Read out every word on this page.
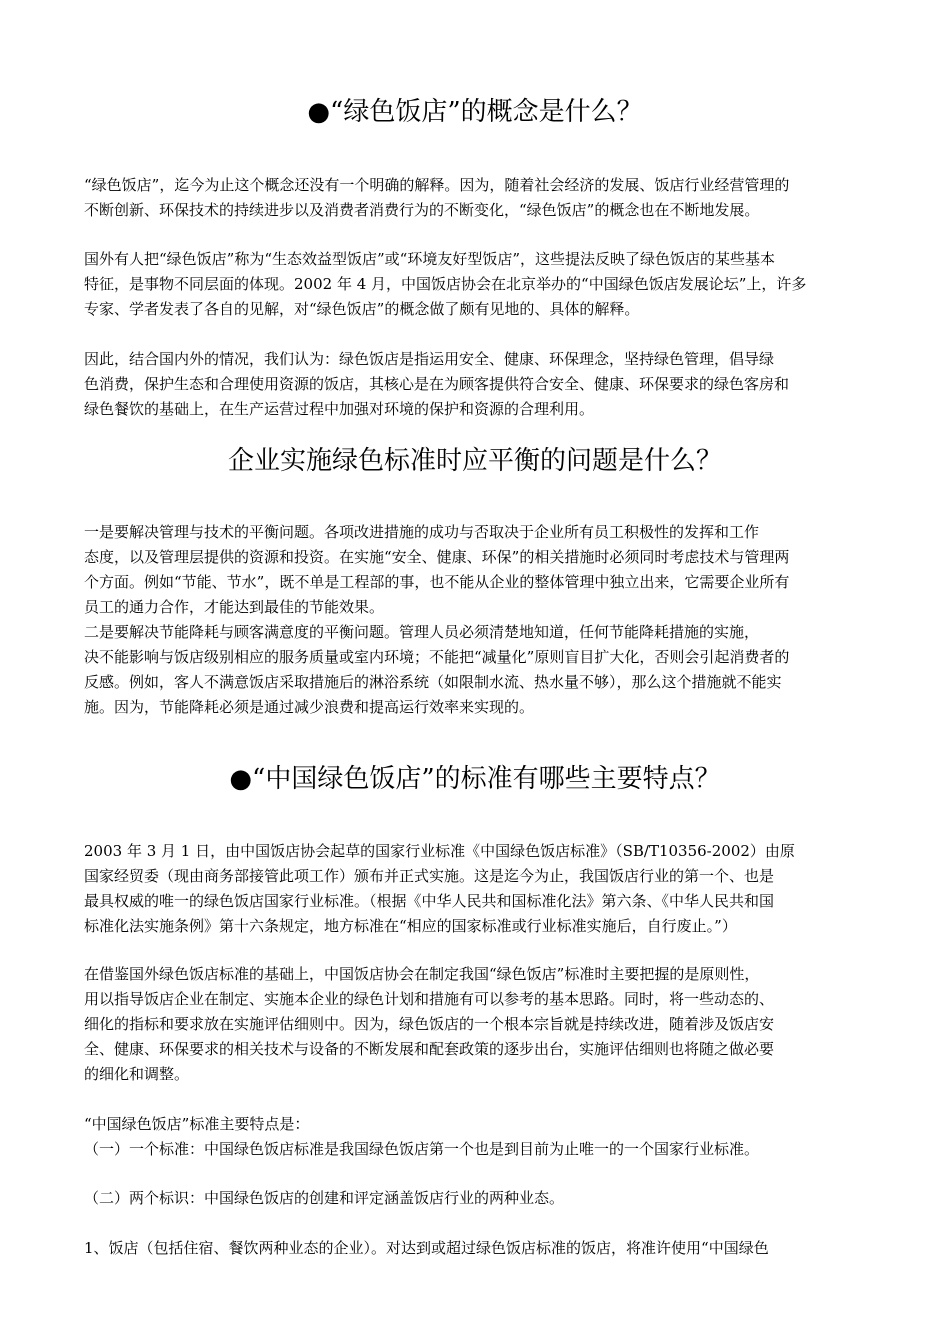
●“绿色饭店”的概念是什么？
“绿色饭店”，迄今为止这个概念还没有一个明确的解释。因为，随着社会经济的发展、饭店行业经营管理的
不断创新、环保技术的持续进步以及消费者消费行为的不断变化，“绿色饭店”的概念也在不断地发展。
国外有人把“绿色饭店”称为“生态效益型饭店”或“环境友好型饭店”，这些提法反映了绿色饭店的某些基本
特征，是事物不同层面的体现。2002 年 4 月，中国饭店协会在北京举办的“中国绿色饭店发展论坛”上，许多
专家、学者发表了各自的见解，对“绿色饭店”的概念做了颇有见地的、具体的解释。
因此，结合国内外的情况，我们认为：绿色饭店是指运用安全、健康、环保理念，坚持绿色管理，倡导绿
色消费，保护生态和合理使用资源的饭店，其核心是在为顾客提供符合安全、健康、环保要求的绿色客房和
绿色餐饮的基础上，在生产运营过程中加强对环境的保护和资源的合理利用。
企业实施绿色标准时应平衡的问题是什么？
一是要解决管理与技术的平衡问题。各项改进措施的成功与否取决于企业所有员工积极性的发挥和工作
态度，以及管理层提供的资源和投资。在实施“安全、健康、环保”的相关措施时必须同时考虑技术与管理两
个方面。例如“节能、节水”，既不单是工程部的事，也不能从企业的整体管理中独立出来，它需要企业所有
员工的通力合作，才能达到最佳的节能效果。
二是要解决节能降耗与顾客满意度的平衡问题。管理人员必须清楚地知道，任何节能降耗措施的实施，
决不能影响与饭店级别相应的服务质量或室内环境；不能把“减量化”原则盲目扩大化，否则会引起消费者的
反感。例如，客人不满意饭店采取措施后的淋浴系统（如限制水流、热水量不够），那么这个措施就不能实
施。因为，节能降耗必须是通过减少浪费和提高运行效率来实现的。
●“中国绿色饭店”的标准有哪些主要特点？
2003 年 3 月 1 日，由中国饭店协会起草的国家行业标准《中国绿色饭店标准》（SB/T10356-2002）由原
国家经贸委（现由商务部接管此项工作）颁布并正式实施。这是迄今为止，我国饭店行业的第一个、也是
最具权威的唯一的绿色饭店国家行业标准。（根据《中华人民共和国标准化法》第六条、《中华人民共和国
标准化法实施条例》第十六条规定，地方标准在“相应的国家标准或行业标准实施后，自行废止。”）
在借鉴国外绿色饭店标准的基础上，中国饭店协会在制定我国“绿色饭店”标准时主要把握的是原则性，
用以指导饭店企业在制定、实施本企业的绿色计划和措施有可以参考的基本思路。同时，将一些动态的、
细化的指标和要求放在实施评估细则中。因为，绿色饭店的一个根本宗旨就是持续改进，随着涉及饭店安
全、健康、环保要求的相关技术与设备的不断发展和配套政策的逐步出台，实施评估细则也将随之做必要
的细化和调整。
“中国绿色饭店”标准主要特点是：
（一）一个标准：中国绿色饭店标准是我国绿色饭店第一个也是到目前为止唯一的一个国家行业标准。
（二）两个标识：中国绿色饭店的创建和评定涵盖饭店行业的两种业态。
1、饭店（包括住宿、餐饮两种业态的企业）。对达到或超过绿色饭店标准的饭店，将准许使用“中国绿色
